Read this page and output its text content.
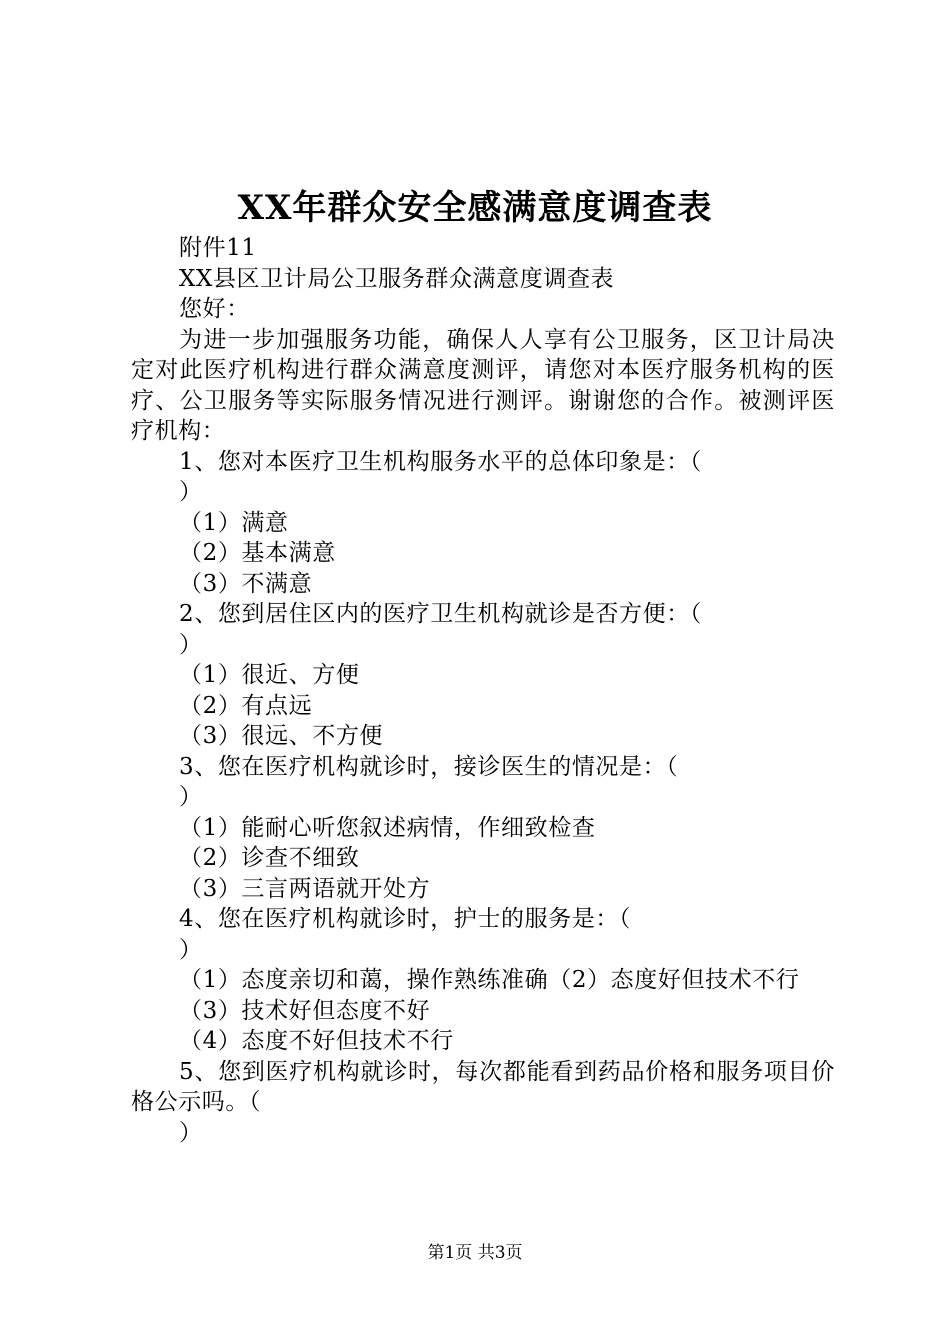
XX年群众安全感满意度调查表

附件11

XX县区卫计局公卫服务群众满意度调查表

您好：

为进一步加强服务功能，确保人人享有公卫服务，区卫计局决定对此医疗机构进行群众满意度测评，请您对本医疗服务机构的医疗、公卫服务等实际服务情况进行测评。谢谢您的合作。被测评医疗机构：

1、您对本医疗卫生机构服务水平的总体印象是：（

）

（1）满意

（2）基本满意

（3）不满意

2、您到居住区内的医疗卫生机构就诊是否方便：（

）

（1）很近、方便

（2）有点远

（3）很远、不方便

3、您在医疗机构就诊时，接诊医生的情况是：（

）

（1）能耐心听您叙述病情，作细致检查

（2）诊查不细致

（3）三言两语就开处方

4、您在医疗机构就诊时，护士的服务是：（

）

（1）态度亲切和蔼，操作熟练准确（2）态度好但技术不行

（3）技术好但态度不好

（4）态度不好但技术不行

5、您到医疗机构就诊时，每次都能看到药品价格和服务项目价格公示吗。（

）

第1页 共3页
